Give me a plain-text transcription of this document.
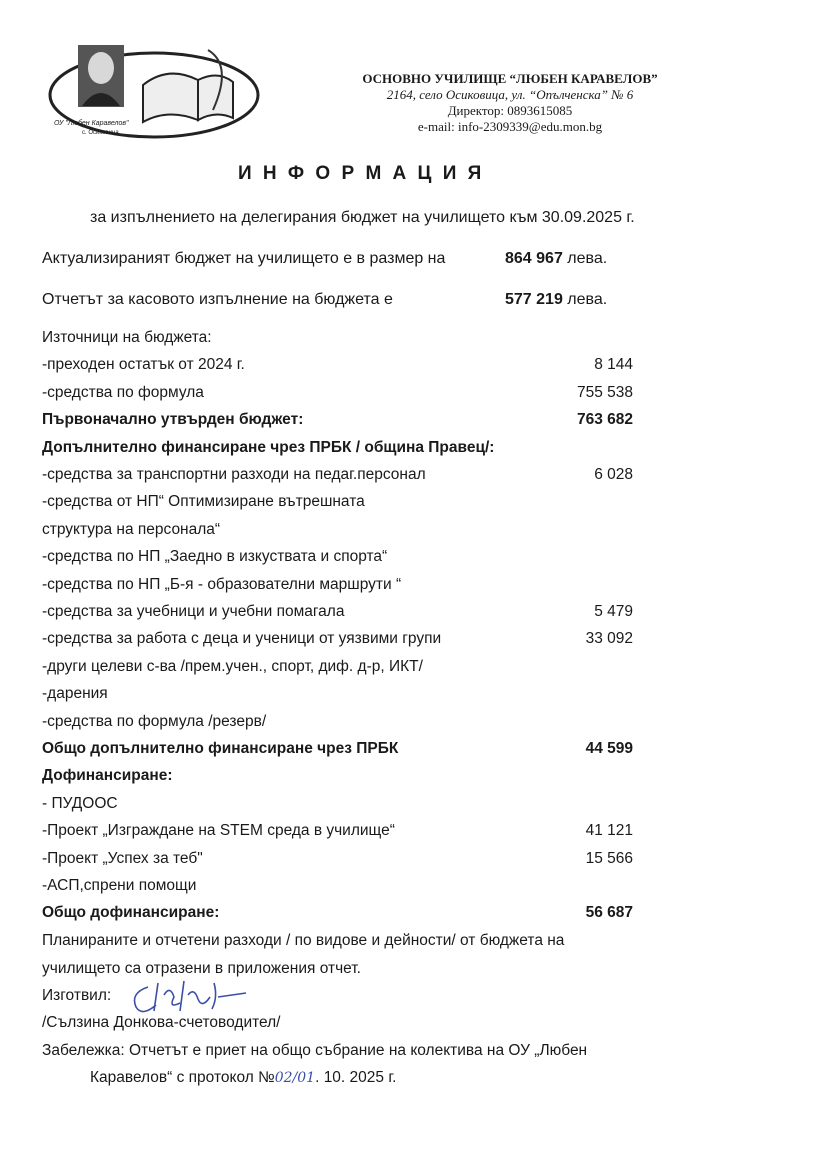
ОУ "Любен Каравелов"
с. Осиковица
ОСНОВНО УЧИЛИЩЕ “ЛЮБЕН КАРАВЕЛОВ”
2164, село Осиковица, ул. “Опълченска” № 6
Директор: 0893615085
e-mail: info-2309339@edu.mon.bg
И Н Ф О Р М А Ц И Я
за изпълнението на делегирания бюджет на училището към 30.09.2025 г.
Актуализираният бюджет на училището е в размер на	864 967 лева.
Отчетът за касовото изпълнение на бюджета е	577 219 лева.
Източници на бюджета:
-преходен остатък от 2024 г.	8 144
-средства по формула	755 538
Първоначално утвърден бюджет:	763 682
Допълнително финансиране чрез ПРБК / община Правец/:
-средства за транспортни разходи на педаг.персонал	6 028
-средства от НП“ Оптимизиране вътрешната
структура на персонала“
-средства по НП „Заедно в изкуствата и спорта“
-средства по НП „Б-я - образователни маршрути “
-средства за учебници и учебни помагала	5 479
-средства за работа с деца и ученици от уязвими групи	33 092
-други целеви с-ва /прем.учен., спорт, диф. д-р, ИКТ/
-дарения
-средства по формула /резерв/
Общо допълнително финансиране чрез ПРБК	44 599
Дофинансиране:
- ПУДООС
-Проект „Изграждане на STEM среда в училище“	41 121
-Проект „Успех за теб"	15 566
-АСП,спрени помощи
Общо дофинансиране:	56 687
Планираните и отчетени разходи / по видове и дейности/ от бюджета на
училището са отразени в приложения отчет.
Изготвил:
/Сълзина Донкова-счетоводител/
Забележка: Отчетът е приет на общо събрание на колектива на ОУ „Любен
Каравелов“ с протокол №02/01. 10. 2025 г.
